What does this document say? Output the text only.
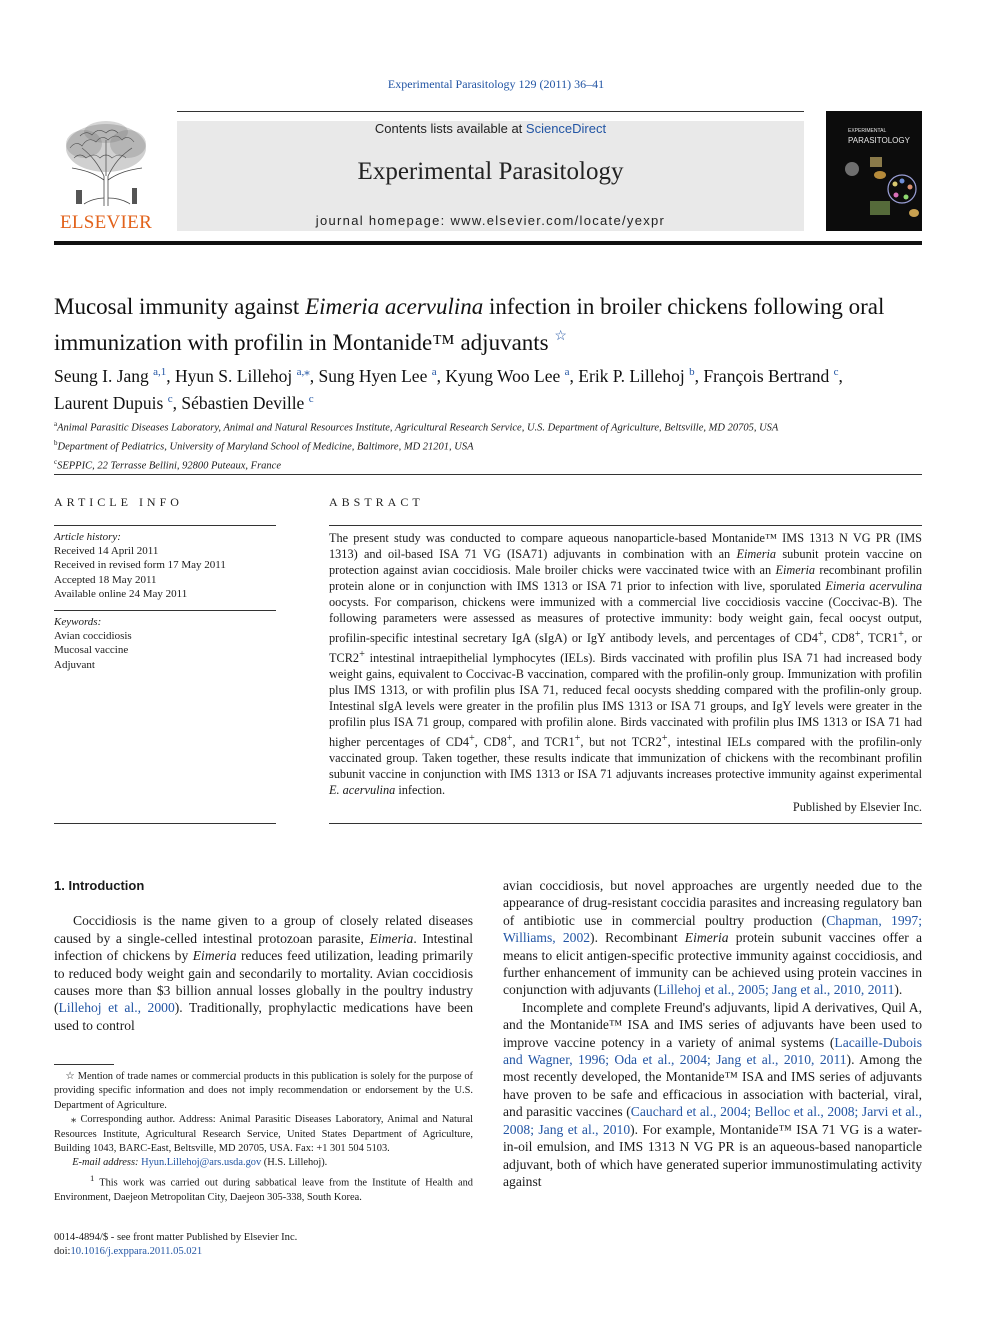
Experimental Parasitology 129 (2011) 36–41
ELSEVIER
Contents lists available at ScienceDirect
Experimental Parasitology
journal homepage: www.elsevier.com/locate/yexpr
EXPERIMENTAL
PARASITOLOGY
Mucosal immunity against Eimeria acervulina infection in broiler chickens following oral immunization with profilin in Montanide™ adjuvants ☆
Seung I. Jang $^{a,1}$, Hyun S. Lillehoj $^{a,⁎}$, Sung Hyen Lee $^a$, Kyung Woo Lee $^a$, Erik P. Lillehoj $^b$, François Bertrand $^c$,
Laurent Dupuis $^c$, Sébastien Deville $^c$
$^a$Animal Parasitic Diseases Laboratory, Animal and Natural Resources Institute, Agricultural Research Service, U.S. Department of Agriculture, Beltsville, MD 20705, USA
$^b$Department of Pediatrics, University of Maryland School of Medicine, Baltimore, MD 21201, USA
$^c$SEPPIC, 22 Terrasse Bellini, 92800 Puteaux, France
ARTICLE INFO
Article history:
Received 14 April 2011
Received in revised form 17 May 2011
Accepted 18 May 2011
Available online 24 May 2011
Keywords:
Avian coccidiosis
Mucosal vaccine
Adjuvant
ABSTRACT
The present study was conducted to compare aqueous nanoparticle-based Montanide™ IMS 1313 N VG PR (IMS 1313) and oil-based ISA 71 VG (ISA71) adjuvants in combination with an Eimeria subunit protein vaccine on protection against avian coccidiosis. Male broiler chicks were vaccinated twice with an Eimeria recombinant profilin protein alone or in conjunction with IMS 1313 or ISA 71 prior to infection with live, sporulated Eimeria acervulina oocysts. For comparison, chickens were immunized with a commercial live coccidiosis vaccine (Coccivac-B). The following parameters were assessed as measures of protective immunity: body weight gain, fecal oocyst output, profilin-specific intestinal secretary IgA (sIgA) or IgY antibody levels, and percentages of CD4+, CD8+, TCR1+, or TCR2+ intestinal intraepithelial lymphocytes (IELs). Birds vaccinated with profilin plus ISA 71 had increased body weight gains, equivalent to Coccivac-B vaccination, compared with the profilin-only group. Immunization with profilin plus IMS 1313, or with profilin plus ISA 71, reduced fecal oocysts shedding compared with the profilin-only group. Intestinal sIgA levels were greater in the profilin plus IMS 1313 or ISA 71 groups, and IgY levels were greater in the profilin plus ISA 71 group, compared with profilin alone. Birds vaccinated with profilin plus IMS 1313 or ISA 71 had higher percentages of CD4+, CD8+, and TCR1+, but not TCR2+, intestinal IELs compared with the profilin-only vaccinated group. Taken together, these results indicate that immunization of chickens with the recombinant profilin subunit vaccine in conjunction with IMS 1313 or ISA 71 adjuvants increases protective immunity against experimental E. acervulina infection.
Published by Elsevier Inc.
1. Introduction

Coccidiosis is the name given to a group of closely related diseases caused by a single-celled intestinal protozoan parasite, Eimeria. Intestinal infection of chickens by Eimeria reduces feed utilization, leading primarily to reduced body weight gain and secondarily to mortality. Avian coccidiosis causes more than $3 billion annual losses globally in the poultry industry (Lillehoj et al., 2000). Traditionally, prophylactic medications have been used to control

☆ Mention of trade names or commercial products in this publication is solely for the purpose of providing specific information and does not imply recommendation or endorsement by the U.S. Department of Agriculture.
⁎ Corresponding author. Address: Animal Parasitic Diseases Laboratory, Animal and Natural Resources Institute, Agricultural Research Service, United States Department of Agriculture, Building 1043, BARC-East, Beltsville, MD 20705, USA. Fax: +1 301 504 5103.
E-mail address: Hyun.Lillehoj@ars.usda.gov (H.S. Lillehoj).
$^1$ This work was carried out during sabbatical leave from the Institute of Health and Environment, Daejeon Metropolitan City, Daejeon 305-338, South Korea.
0014-4894/$ - see front matter Published by Elsevier Inc.
doi:10.1016/j.exppara.2011.05.021

avian coccidiosis, but novel approaches are urgently needed due to the appearance of drug-resistant coccidia parasites and increasing regulatory ban of antibiotic use in commercial poultry production (Chapman, 1997; Williams, 2002). Recombinant Eimeria protein subunit vaccines offer a means to elicit antigen-specific protective immunity against coccidiosis, and further enhancement of immunity can be achieved using protein vaccines in conjunction with adjuvants (Lillehoj et al., 2005; Jang et al., 2010, 2011).

Incomplete and complete Freund's adjuvants, lipid A derivatives, Quil A, and the Montanide™ ISA and IMS series of adjuvants have been used to improve vaccine potency in a variety of animal systems (Lacaille-Dubois and Wagner, 1996; Oda et al., 2004; Jang et al., 2010, 2011). Among the most recently developed, the Montanide™ ISA and IMS series of adjuvants have proven to be safe and efficacious in association with bacterial, viral, and parasitic vaccines (Cauchard et al., 2004; Belloc et al., 2008; Jarvi et al., 2008; Jang et al., 2010). For example, Montanide™ ISA 71 VG is a water-in-oil emulsion, and IMS 1313 N VG PR is an aqueous-based nanoparticle adjuvant, both of which have generated superior immunostimulating activity against
